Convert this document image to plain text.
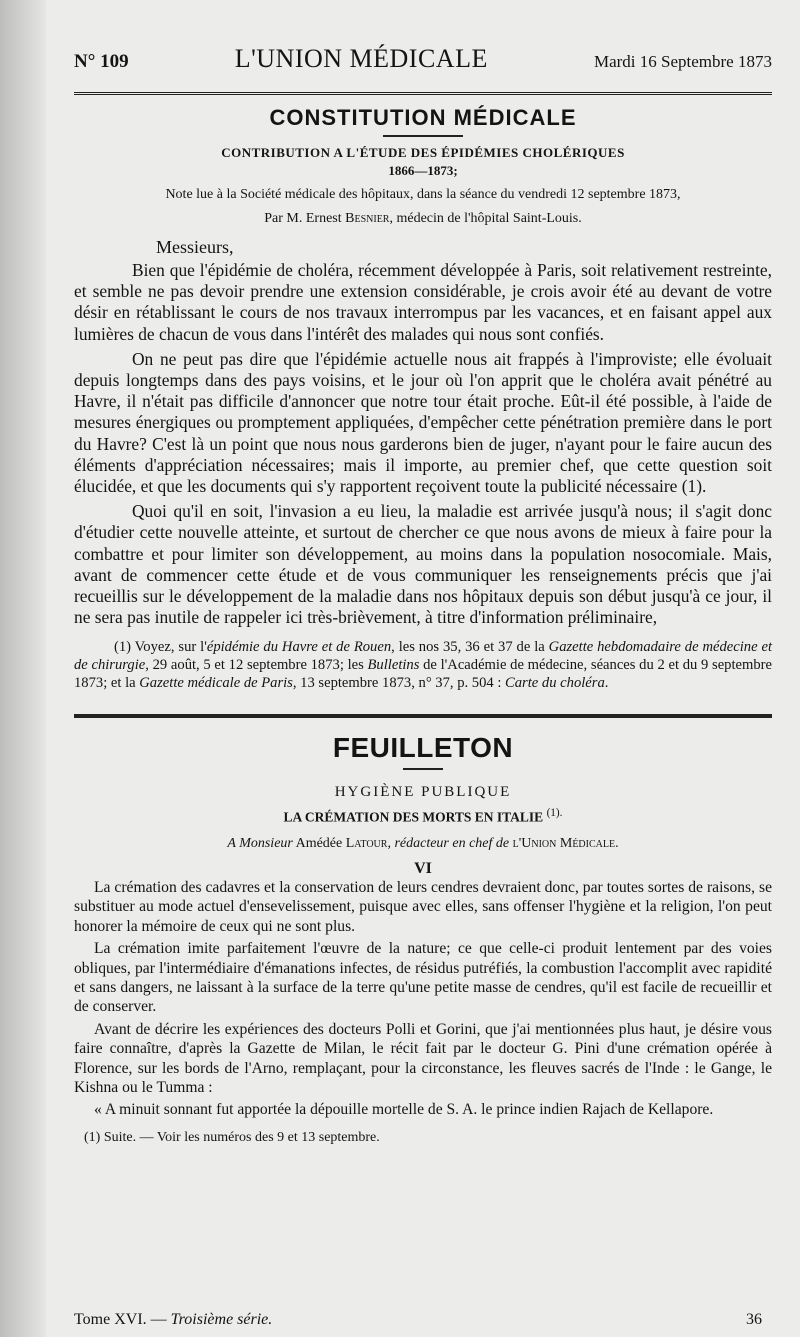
N° 109	L'UNION MÉDICALE	Mardi 16 Septembre 1873
CONSTITUTION MÉDICALE
CONTRIBUTION A L'ÉTUDE DES ÉPIDÉMIES CHOLÉRIQUES
1866—1873;
Note lue à la Société médicale des hôpitaux, dans la séance du vendredi 12 septembre 1873,
Par M. Ernest Besnier, médecin de l'hôpital Saint-Louis.
Messieurs,

Bien que l'épidémie de choléra, récemment développée à Paris, soit relativement restreinte, et semble ne pas devoir prendre une extension considérable, je crois avoir été au devant de votre désir en rétablissant le cours de nos travaux interrompus par les vacances, et en faisant appel aux lumières de chacun de vous dans l'intérêt des malades qui nous sont confiés.

On ne peut pas dire que l'épidémie actuelle nous ait frappés à l'improviste; elle évoluait depuis longtemps dans des pays voisins, et le jour où l'on apprit que le choléra avait pénétré au Havre, il n'était pas difficile d'annoncer que notre tour était proche. Eût-il été possible, à l'aide de mesures énergiques ou promptement appliquées, d'empêcher cette pénétration première dans le port du Havre? C'est là un point que nous nous garderons bien de juger, n'ayant pour le faire aucun des éléments d'appréciation nécessaires; mais il importe, au premier chef, que cette question soit élucidée, et que les documents qui s'y rapportent reçoivent toute la publicité nécessaire (1).

Quoi qu'il en soit, l'invasion a eu lieu, la maladie est arrivée jusqu'à nous; il s'agit donc d'étudier cette nouvelle atteinte, et surtout de chercher ce que nous avons de mieux à faire pour la combattre et pour limiter son développement, au moins dans la population nosocomiale. Mais, avant de commencer cette étude et de vous communiquer les renseignements précis que j'ai recueillis sur le développement de la maladie dans nos hôpitaux depuis son début jusqu'à ce jour, il ne sera pas inutile de rappeler ici très-brièvement, à titre d'information préliminaire,

(1) Voyez, sur l'épidémie du Havre et de Rouen, les nos 35, 36 et 37 de la Gazette hebdomadaire de médecine et de chirurgie, 29 août, 5 et 12 septembre 1873; les Bulletins de l'Académie de médecine, séances du 2 et du 9 septembre 1873; et la Gazette médicale de Paris, 13 septembre 1873, n° 37, p. 504 : Carte du choléra.

FEUILLETON
HYGIÈNE PUBLIQUE
LA CRÉMATION DES MORTS EN ITALIE $^{(1).}$
A Monsieur Amédée Latour, rédacteur en chef de l'Union Médicale.
VI

La crémation des cadavres et la conservation de leurs cendres devraient donc, par toutes sortes de raisons, se substituer au mode actuel d'ensevelissement, puisque avec elles, sans offenser l'hygiène et la religion, l'on peut honorer la mémoire de ceux qui ne sont plus.

La crémation imite parfaitement l'œuvre de la nature; ce que celle-ci produit lentement par des voies obliques, par l'intermédiaire d'émanations infectes, de résidus putréfiés, la combustion l'accomplit avec rapidité et sans dangers, ne laissant à la surface de la terre qu'une petite masse de cendres, qu'il est facile de recueillir et de conserver.

Avant de décrire les expériences des docteurs Polli et Gorini, que j'ai mentionnées plus haut, je désire vous faire connaître, d'après la Gazette de Milan, le récit fait par le docteur G. Pini d'une crémation opérée à Florence, sur les bords de l'Arno, remplaçant, pour la circonstance, les fleuves sacrés de l'Inde : le Gange, le Kishna ou le Tumma :

« A minuit sonnant fut apportée la dépouille mortelle de S. A. le prince indien Rajach de Kellapore.

(1) Suite. — Voir les numéros des 9 et 13 septembre.
Tome XVI. — Troisième série.	36
